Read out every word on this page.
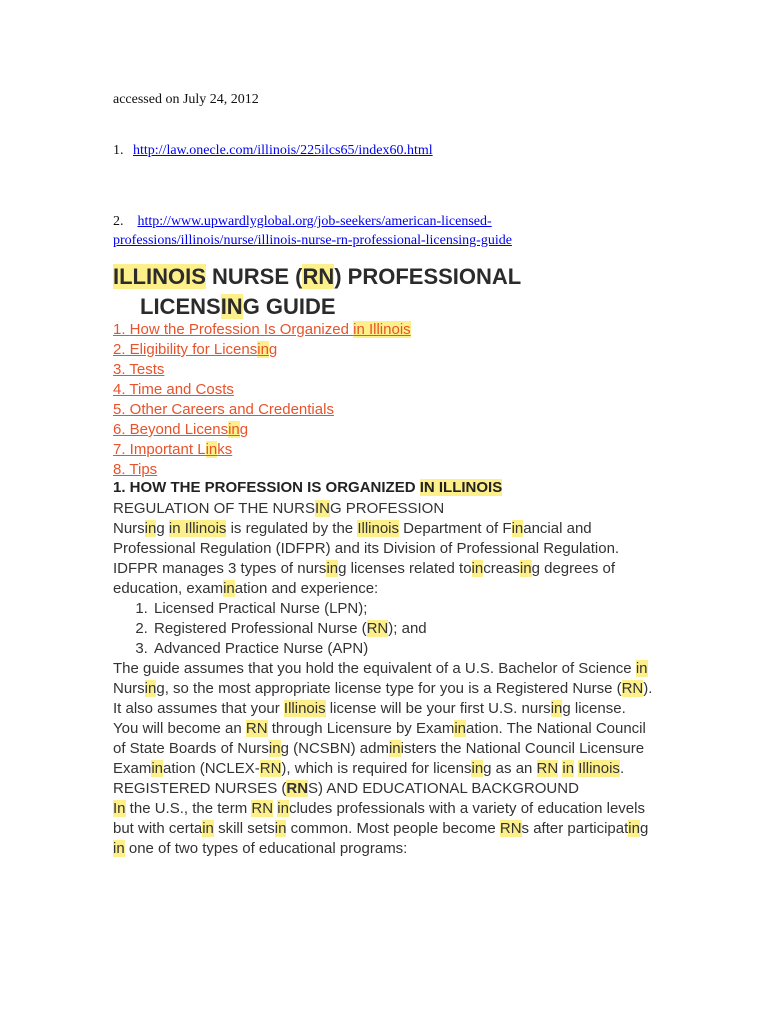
accessed on July 24, 2012
1. http://law.onecle.com/illinois/225ilcs65/index60.html
2. http://www.upwardlyglobal.org/job-seekers/american-licensed-
professions/illinois/nurse/illinois-nurse-rn-professional-licensing-guide
ILLINOIS NURSE (RN) PROFESSIONAL
LICENSING GUIDE
1. How the Profession Is Organized in Illinois
2. Eligibility for Licensing
3. Tests
4. Time and Costs
5. Other Careers and Credentials
6. Beyond Licensing
7. Important Links
8. Tips
1. HOW THE PROFESSION IS ORGANIZED IN ILLINOIS
REGULATION OF THE NURSING PROFESSION
Nursing in Illinois is regulated by the Illinois Department of Financial and Professional Regulation (IDFPR) and its Division of Professional Regulation. IDFPR manages 3 types of nursing licenses related toincreasing degrees of education, examination and experience:
1. Licensed Practical Nurse (LPN);
2. Registered Professional Nurse (RN); and
3. Advanced Practice Nurse (APN)
The guide assumes that you hold the equivalent of a U.S. Bachelor of Science in Nursing, so the most appropriate license type for you is a Registered Nurse (RN). It also assumes that your Illinois license will be your first U.S. nursing license. You will become an RN through Licensure by Examination. The National Council of State Boards of Nursing (NCSBN) administers the National Council Licensure Examination (NCLEX-RN), which is required for licensing as an RN in Illinois.
REGISTERED NURSES (RNS) AND EDUCATIONAL BACKGROUND
In the U.S., the term RN includes professionals with a variety of education levels but with certain skill setsin common. Most people become RNs after participating in one of two types of educational programs:
